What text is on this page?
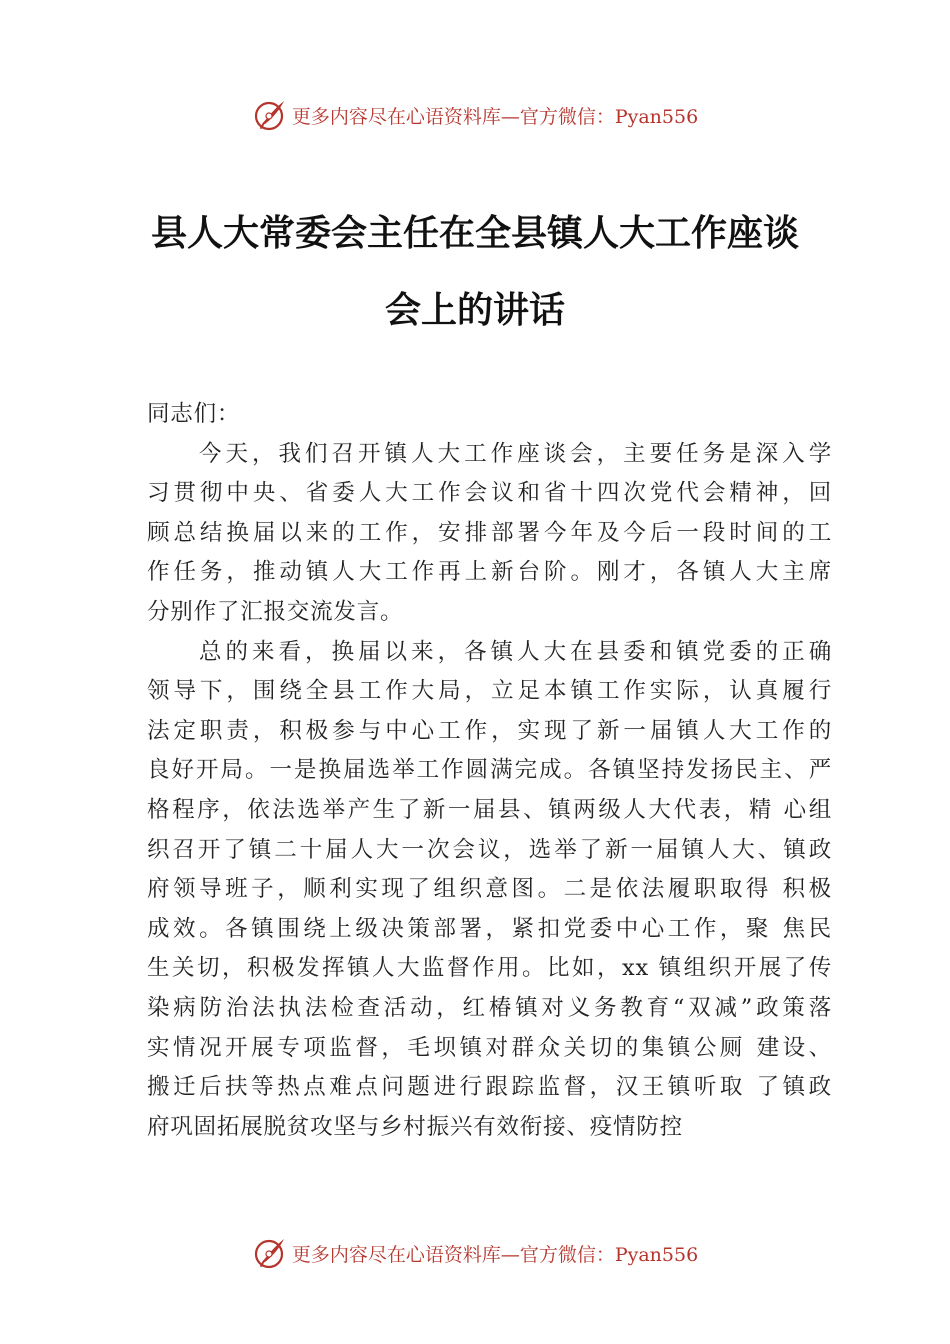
更多内容尽在心语资料库—官方微信：Pyan556
县人大常委会主任在全县镇人大工作座谈
会上的讲话
同志们：
今天，我们召开镇人大工作座谈会，主要任务是深入学
习贯彻中央、省委人大工作会议和省十四次党代会精神，回
顾总结换届以来的工作，安排部署今年及今后一段时间的工
作任务，推动镇人大工作再上新台阶。刚才，各镇人大主席
分别作了汇报交流发言。
总的来看，换届以来，各镇人大在县委和镇党委的正确
领导下，围绕全县工作大局，立足本镇工作实际，认真履行
法定职责，积极参与中心工作，实现了新一届镇人大工作的
良好开局。一是换届选举工作圆满完成。各镇坚持发扬民主、严
格程序，依法选举产生了新一届县、镇两级人大代表，精 心组
织召开了镇二十届人大一次会议，选举了新一届镇人大、镇政
府领导班子，顺利实现了组织意图。二是依法履职取得 积极
成效。各镇围绕上级决策部署，紧扣党委中心工作，聚 焦民
生关切，积极发挥镇人大监督作用。比如，xx 镇组织开展了传
染病防治法执法检查活动，红椿镇对义务教育“双减”政策落
实情况开展专项监督，毛坝镇对群众关切的集镇公厕 建设、
搬迁后扶等热点难点问题进行跟踪监督，汉王镇听取 了镇政
府巩固拓展脱贫攻坚与乡村振兴有效衔接、疫情防控
更多内容尽在心语资料库—官方微信：Pyan556
